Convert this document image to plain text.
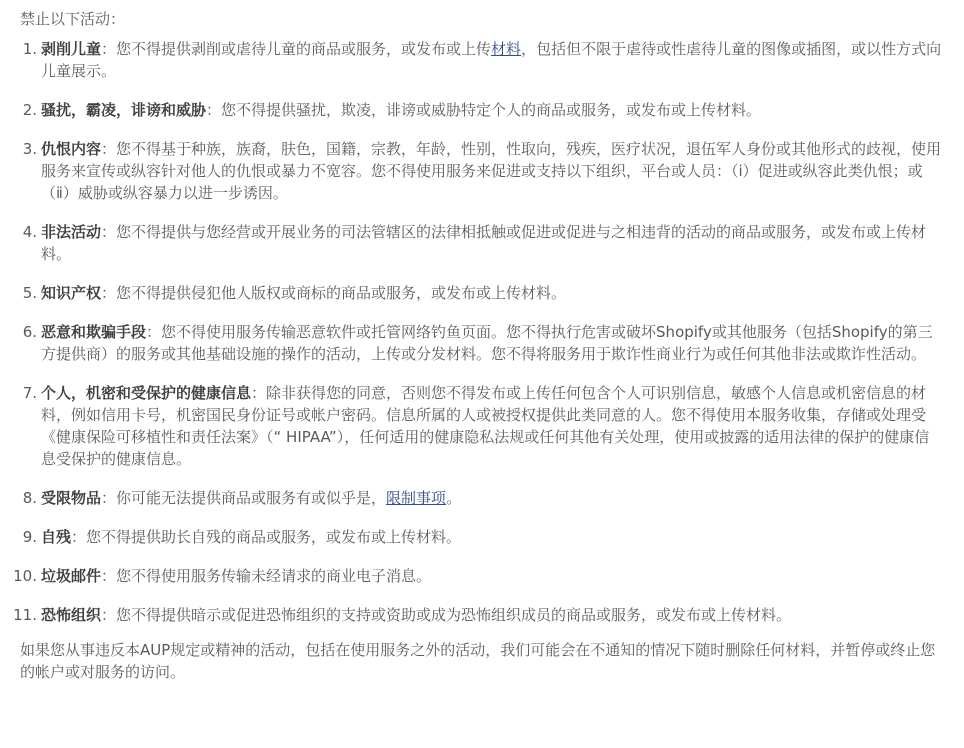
禁止以下活动：

1. 剥削儿童：您不得提供剥削或虐待儿童的商品或服务，或发布或上传材料，包括但不限于虐待或性虐待儿童的图像或插图，或以性方式向儿童展示。
2. 骚扰，霸凌，诽谤和威胁：您不得提供骚扰，欺凌，诽谤或威胁特定个人的商品或服务，或发布或上传材料。
3. 仇恨内容：您不得基于种族，族裔，肤色，国籍，宗教，年龄，性别，性取向，残疾，医疗状况，退伍军人身份或其他形式的歧视，使用服务来宣传或纵容针对他人的仇恨或暴力不宽容。您不得使用服务来促进或支持以下组织，平台或人员：（ⅰ）促进或纵容此类仇恨；或（ⅱ）威胁或纵容暴力以进一步诱因。
4. 非法活动：您不得提供与您经营或开展业务的司法管辖区的法律相抵触或促进或促进与之相违背的活动的商品或服务，或发布或上传材料。
5. 知识产权：您不得提供侵犯他人版权或商标的商品或服务，或发布或上传材料。
6. 恶意和欺骗手段：您不得使用服务传输恶意软件或托管网络钓鱼页面。您不得执行危害或破坏Shopify或其他服务（包括Shopify的第三方提供商）的服务或其他基础设施的操作的活动，上传或分发材料。您不得将服务用于欺诈性商业行为或任何其他非法或欺诈性活动。
7. 个人，机密和受保护的健康信息：除非获得您的同意，否则您不得发布或上传任何包含个人可识别信息，敏感个人信息或机密信息的材料，例如信用卡号，机密国民身份证号或帐户密码。信息所属的人或被授权提供此类同意的人。您不得使用本服务收集，存储或处理受《健康保险可移植性和责任法案》（“ HIPAA”），任何适用的健康隐私法规或任何其他有关处理，使用或披露的适用法律的保护的健康信息受保护的健康信息。
8. 受限物品：你可能无法提供商品或服务有或似乎是，限制事项。
9. 自残：您不得提供助长自残的商品或服务，或发布或上传材料。
10. 垃圾邮件：您不得使用服务传输未经请求的商业电子消息。
11. 恐怖组织：您不得提供暗示或促进恐怖组织的支持或资助或成为恐怖组织成员的商品或服务，或发布或上传材料。

如果您从事违反本AUP规定或精神的活动，包括在使用服务之外的活动，我们可能会在不通知的情况下随时删除任何材料，并暂停或终止您的帐户或对服务的访问。
